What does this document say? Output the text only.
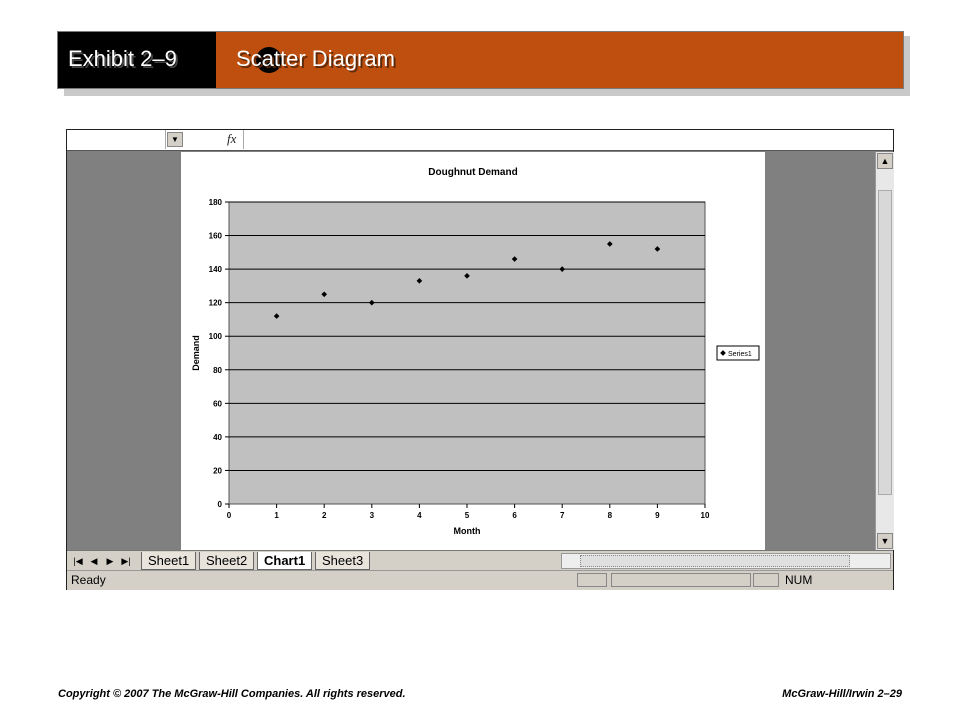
Exhibit 2–9	Scatter Diagram
▼	fx
0
20
40
60
80
100
120
140
160
180
0	1	2	3	4	5	6	7	8	9	10
Doughnut Demand
Month
Demand	Series1
▲
▼
|◀ ◀	▶ ▶|	Sheet1	Sheet2	Chart1	Sheet3
Ready	NUM
Copyright © 2007 The McGraw-Hill Companies. All rights reserved.	McGraw-Hill/Irwin 2–29
